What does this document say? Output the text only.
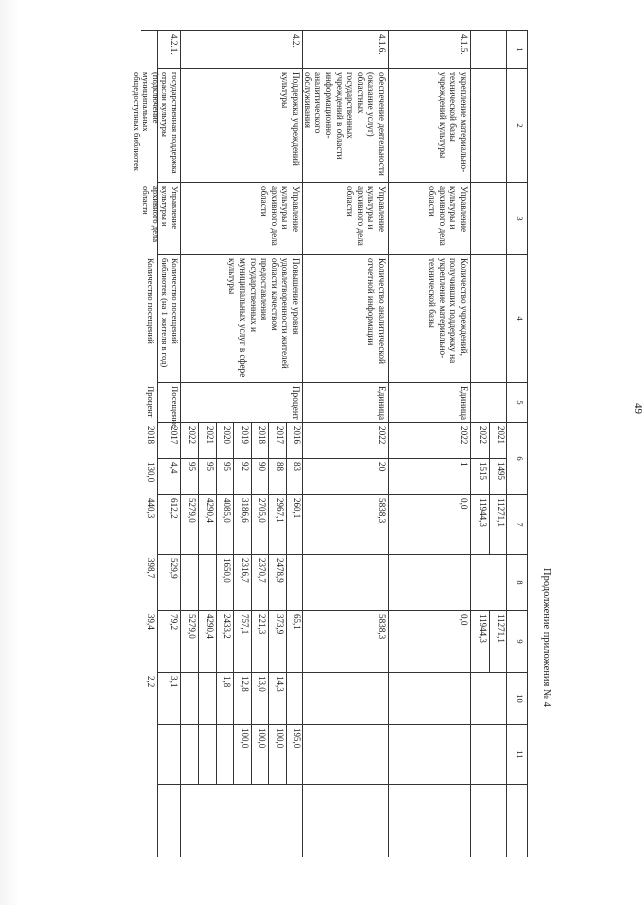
49
Продолжение приложения № 4
1
2
3
4
5
6
7
8
9
10
11
2021
2022
1495
1515
11271,1
11944,3
11271,1
11944,3
4.1.5.
укрепление материально-технической базы учреждений культуры
Управление культуры и архивного дела области
Количество учреждений, получивших поддержку на укрепление материально-технической базы
Единица
2022
1
0,0
0,0
4.1.6.
обеспечение деятельности (оказание услуг) областных государственных учреждений в области информационно-аналитического обслуживания
Управление культуры и архивного дела области
Количество аналитической отчетной информации
Единица
2022
20
5838,3
5838,3
4.2.
Поддержка учреждений культуры
Управление культуры и архивного дела области
Повышение уровня удовлетворенности жителей области качеством предоставления государственных и муниципальных услуг в сфере культуры
Процент
2016
2017
2018
2019
2020
2021
2022
83
88
90
92
95
95
95
260,1
2967,1
2705,0
3186,6
4085,0
4290,4
5279,0
2478,9
2370,7
2316,7
1650,0
65,1
373,9
221,3
757,1
2433,2
4290,4
5279,0
14,3
13,0
12,8
1,8
195,0
100,0
100,0
100,0
4.2.1.
государственная поддержка отрасли культуры (подключение муниципальных общедоступных библиотек
Управление культуры и архивного дела области
Количество посещений библиотек (на 1 жителя в год)
Посещение
2017
4,4
612,2
529,9
79,2
3,1
Количество посещений
Процент
2018
130,0
440,3
398,7
39,4
2,2
